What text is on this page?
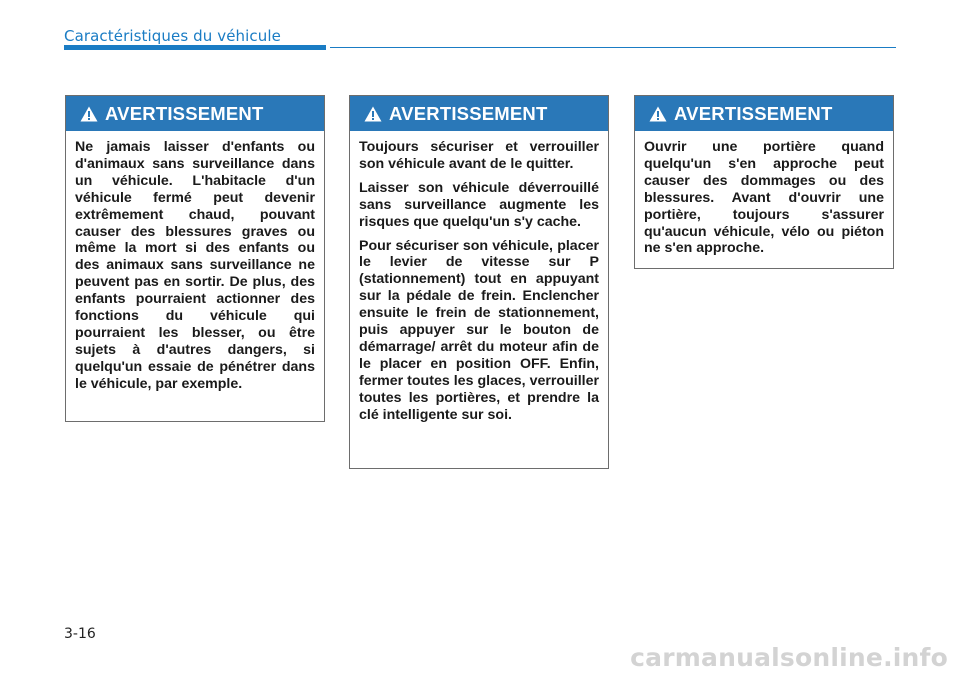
Caractéristiques du véhicule
AVERTISSEMENT

Ne jamais laisser d'enfants ou d'animaux sans surveillance dans un véhicule. L'habitacle d'un véhicule fermé peut devenir extrêmement chaud, pouvant causer des blessures graves ou même la mort si des enfants ou des animaux sans surveillance ne peuvent pas en sortir. De plus, des enfants pourraient actionner des fonctions du véhicule qui pourraient les blesser, ou être sujets à d'autres dangers, si quelqu'un essaie de pénétrer dans le véhicule, par exemple.

AVERTISSEMENT

Toujours sécuriser et verrouiller son véhicule avant de le quitter.

Laisser son véhicule déverrouillé sans surveillance augmente les risques que quelqu'un s'y cache.

Pour sécuriser son véhicule, placer le levier de vitesse sur P (stationnement) tout en appuyant sur la pédale de frein. Enclencher ensuite le frein de stationnement, puis appuyer sur le bouton de démarrage/ arrêt du moteur afin de le placer en position OFF. Enfin, fermer toutes les glaces, verrouiller toutes les portières, et prendre la clé intelligente sur soi.

AVERTISSEMENT

Ouvrir une portière quand quelqu'un s'en approche peut causer des dommages ou des blessures. Avant d'ouvrir une portière, toujours s'assurer qu'aucun véhicule, vélo ou piéton ne s'en approche.

3-16
carmanualsonline.info
